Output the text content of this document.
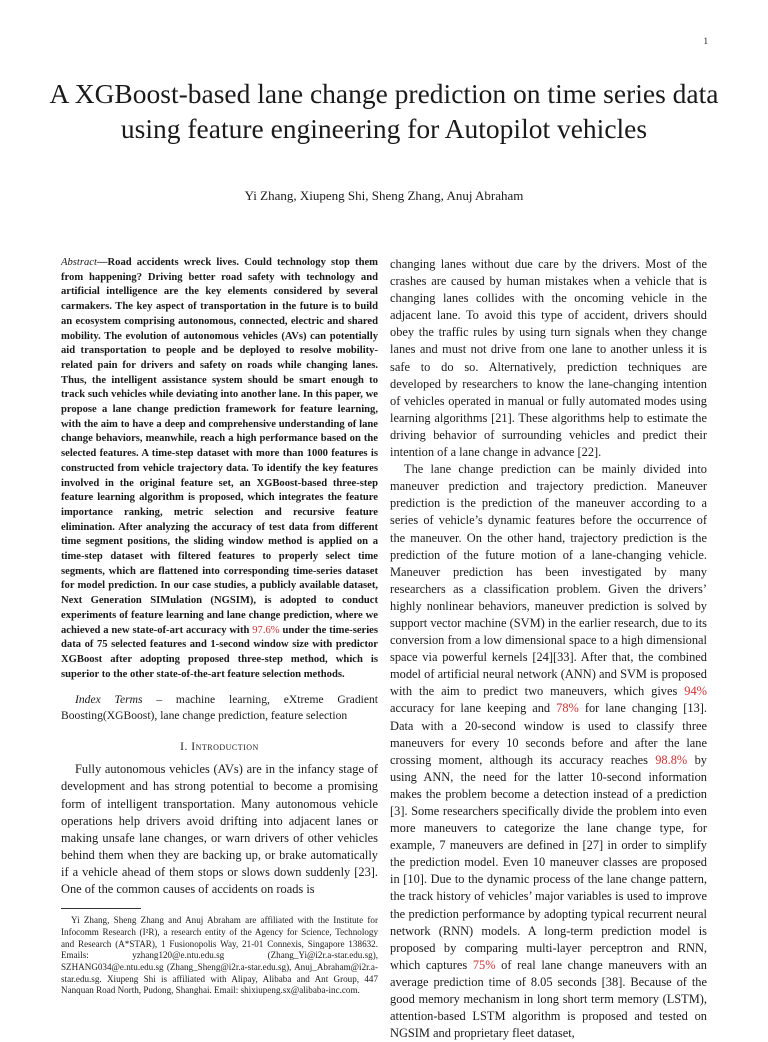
1
A XGBoost-based lane change prediction on time series data using feature engineering for Autopilot vehicles
Yi Zhang, Xiupeng Shi, Sheng Zhang, Anuj Abraham

Abstract—Road accidents wreck lives. Could technology stop them from happening? Driving better road safety with technology and artificial intelligence are the key elements considered by several carmakers. The key aspect of transportation in the future is to build an ecosystem comprising autonomous, connected, electric and shared mobility. The evolution of autonomous vehicles (AVs) can potentially aid transportation to people and be deployed to resolve mobility-related pain for drivers and safety on roads while changing lanes. Thus, the intelligent assistance system should be smart enough to track such vehicles while deviating into another lane. In this paper, we propose a lane change prediction framework for feature learning, with the aim to have a deep and comprehensive understanding of lane change behaviors, meanwhile, reach a high performance based on the selected features. A time-step dataset with more than 1000 features is constructed from vehicle trajectory data. To identify the key features involved in the original feature set, an XGBoost-based three-step feature learning algorithm is proposed, which integrates the feature importance ranking, metric selection and recursive feature elimination. After analyzing the accuracy of test data from different time segment positions, the sliding window method is applied on a time-step dataset with filtered features to properly select time segments, which are flattened into corresponding time-series dataset for model prediction. In our case studies, a publicly available dataset, Next Generation SIMulation (NGSIM), is adopted to conduct experiments of feature learning and lane change prediction, where we achieved a new state-of-art accuracy with 97.6% under the time-series data of 75 selected features and 1-second window size with predictor XGBoost after adopting proposed three-step method, which is superior to the other state-of-the-art feature selection methods.

Index Terms – machine learning, eXtreme Gradient Boosting(XGBoost), lane change prediction, feature selection

I. Introduction

Fully autonomous vehicles (AVs) are in the infancy stage of development and has strong potential to become a promising form of intelligent transportation. Many autonomous vehicle operations help drivers avoid drifting into adjacent lanes or making unsafe lane changes, or warn drivers of other vehicles behind them when they are backing up, or brake automatically if a vehicle ahead of them stops or slows down suddenly [23]. One of the common causes of accidents on roads is

Yi Zhang, Sheng Zhang and Anuj Abraham are affiliated with the Institute for Infocomm Research (I²R), a research entity of the Agency for Science, Technology and Research (A*STAR), 1 Fusionopolis Way, 21-01 Connexis, Singapore 138632. Emails: yzhang120@e.ntu.edu.sg (Zhang_Yi@i2r.a-star.edu.sg), SZHANG034@e.ntu.edu.sg (Zhang_Sheng@i2r.a-star.edu.sg), Anuj_Abraham@i2r.a-star.edu.sg. Xiupeng Shi is affiliated with Alipay, Alibaba and Ant Group, 447 Nanquan Road North, Pudong, Shanghai. Email: shixiupeng.sx@alibaba-inc.com.

changing lanes without due care by the drivers. Most of the crashes are caused by human mistakes when a vehicle that is changing lanes collides with the oncoming vehicle in the adjacent lane. To avoid this type of accident, drivers should obey the traffic rules by using turn signals when they change lanes and must not drive from one lane to another unless it is safe to do so. Alternatively, prediction techniques are developed by researchers to know the lane-changing intention of vehicles operated in manual or fully automated modes using learning algorithms [21]. These algorithms help to estimate the driving behavior of surrounding vehicles and predict their intention of a lane change in advance [22].

The lane change prediction can be mainly divided into maneuver prediction and trajectory prediction. Maneuver prediction is the prediction of the maneuver according to a series of vehicle’s dynamic features before the occurrence of the maneuver. On the other hand, trajectory prediction is the prediction of the future motion of a lane-changing vehicle. Maneuver prediction has been investigated by many researchers as a classification problem. Given the drivers’ highly nonlinear behaviors, maneuver prediction is solved by support vector machine (SVM) in the earlier research, due to its conversion from a low dimensional space to a high dimensional space via powerful kernels [24][33]. After that, the combined model of artificial neural network (ANN) and SVM is proposed with the aim to predict two maneuvers, which gives 94% accuracy for lane keeping and 78% for lane changing [13]. Data with a 20-second window is used to classify three maneuvers for every 10 seconds before and after the lane crossing moment, although its accuracy reaches 98.8% by using ANN, the need for the latter 10-second information makes the problem become a detection instead of a prediction [3]. Some researchers specifically divide the problem into even more maneuvers to categorize the lane change type, for example, 7 maneuvers are defined in [27] in order to simplify the prediction model. Even 10 maneuver classes are proposed in [10]. Due to the dynamic process of the lane change pattern, the track history of vehicles’ major variables is used to improve the prediction performance by adopting typical recurrent neural network (RNN) models. A long-term prediction model is proposed by comparing multi-layer perceptron and RNN, which captures 75% of real lane change maneuvers with an average prediction time of 8.05 seconds [38]. Because of the good memory mechanism in long short term memory (LSTM), attention-based LSTM algorithm is proposed and tested on NGSIM and proprietary fleet dataset,
